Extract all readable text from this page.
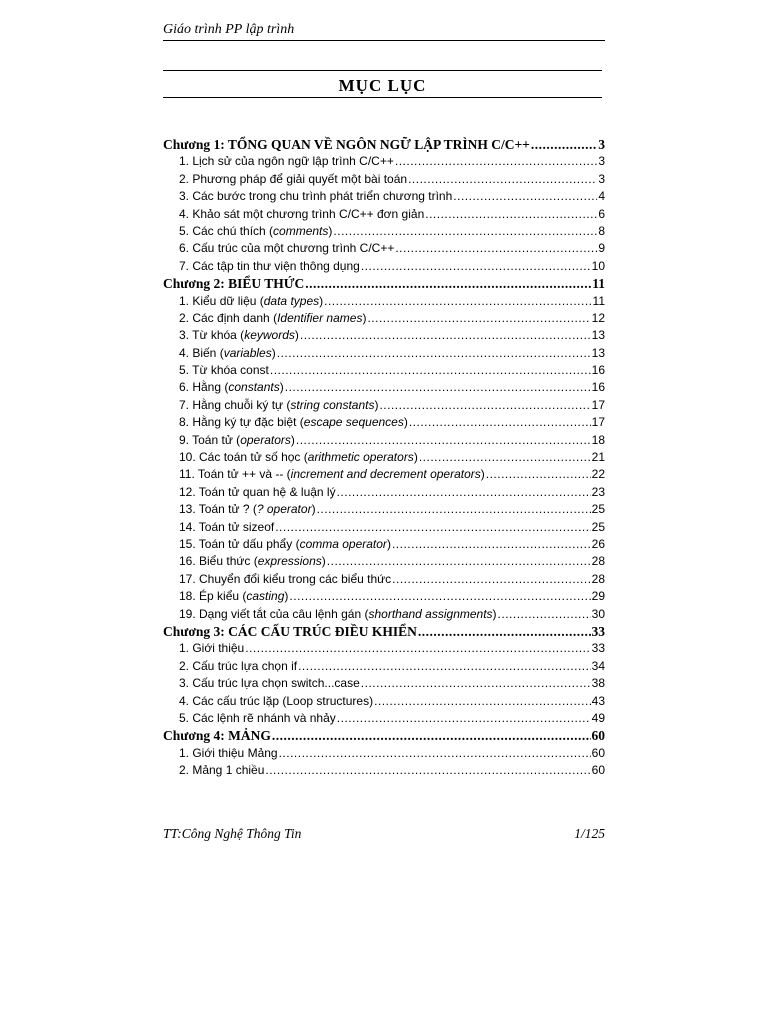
Giáo trình PP lập trình
MỤC LỤC
Chương 1: TỔNG QUAN VỀ NGÔN NGỮ LẬP TRÌNH C/C++ .....	3
1. Lịch sử của ngôn ngữ lập trình C/C++ .....	3
2. Phương pháp để giải quyết một bài toán .....	3
3. Các bước trong chu trình phát triển chương trình .....	4
4. Khảo sát một chương trình C/C++ đơn giản .....	6
5. Các chú thích (comments) .....	8
6. Cấu trúc của một chương trình C/C++ .....	9
7. Các tập tin thư viện thông dụng .....	10
Chương 2: BIỂU THỨC .....	11
1. Kiểu dữ liệu (data types) .....	11
2. Các định danh (Identifier names) .....	12
3. Từ khóa (keywords) .....	13
4. Biến (variables) .....	13
5. Từ khóa const .....	16
6. Hằng (constants) .....	16
7. Hằng chuỗi ký tự (string constants) .....	17
8. Hằng ký tự đặc biệt (escape sequences) .....	17
9. Toán tử (operators) .....	18
10. Các toán tử số học (arithmetic operators) .....	21
11. Toán tử ++ và -- (increment and decrement operators) .....	22
12. Toán tử quan hệ & luận lý .....	23
13. Toán tử ? (? operator) .....	25
14. Toán tử sizeof .....	25
15. Toán tử dấu phẩy (comma operator) .....	26
16. Biểu thức (expressions) .....	28
17. Chuyển đổi kiểu trong các biểu thức .....	28
18. Ép kiểu (casting) .....	29
19. Dạng viết tắt của câu lệnh gán (shorthand assignments) .....	30
Chương 3: CÁC CẤU TRÚC ĐIỀU KHIỂN .....	33
1. Giới thiệu .....	33
2. Cấu trúc lựa chọn if .....	34
3. Cấu trúc lựa chọn switch...case .....	38
4. Các cấu trúc lặp (Loop structures) .....	43
5. Các lệnh rẽ nhánh và nhảy .....	49
Chương 4: MẢNG .....	60
1. Giới thiệu Mảng .....	60
2. Mảng 1 chiều .....	60
TT:Công Nghệ Thông Tin	1/125
